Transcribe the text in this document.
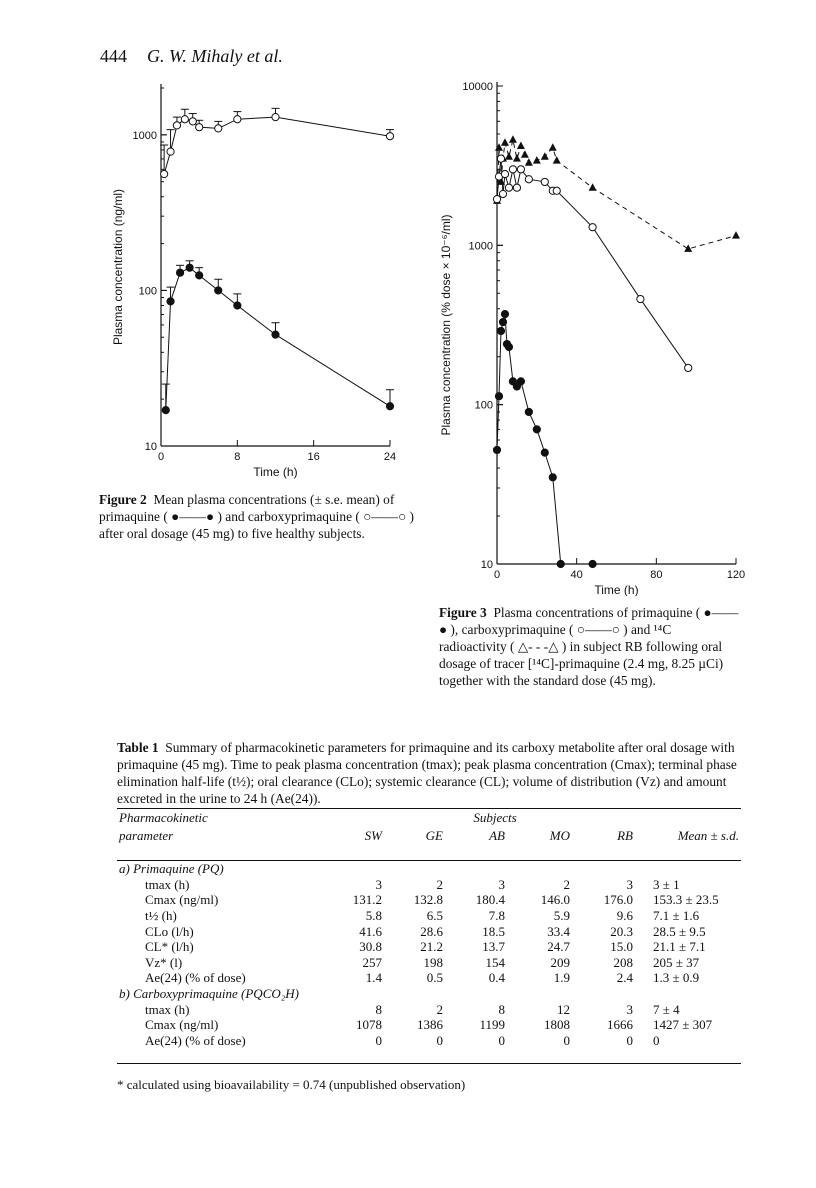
444 G. W. Mihaly et al.
10
100
1000
0	8	16	24
Time (h)
Plasma concentration (ng/ml)
Figure 2 Mean plasma concentrations (± s.e. mean) of primaquine ( ●——● ) and carboxyprimaquine ( ○——○ ) after oral dosage (45 mg) to five healthy subjects.
10
100
1000
10000
0	40	80	120
Time (h)
Plasma concentration (% dose × 10⁻⁶/ml)
Figure 3 Plasma concentrations of primaquine ( ●——● ), carboxyprimaquine ( ○——○ ) and ¹⁴C radioactivity ( △- - -△ ) in subject RB following oral dosage of tracer [¹⁴C]-primaquine (2.4 mg, 8.25 µCi) together with the standard dose (45 mg).
Table 1 Summary of pharmacokinetic parameters for primaquine and its carboxy metabolite after oral dosage with primaquine (45 mg). Time to peak plasma concentration (tmax); peak plasma concentration (Cmax); terminal phase elimination half-life (t½); oral clearance (CLo); systemic clearance (CL); volume of distribution (Vz) and amount excreted in the urine to 24 h (Ae(24)).
Pharmacokinetic	Subjects					
parameter	SW	GE	AB	MO	RB	Mean ± s.d.

a) Primaquine (PQ)						
tmax (h)	3	2	3	2	3	3 ± 1
Cmax (ng/ml)	131.2	132.8	180.4	146.0	176.0	153.3 ± 23.5
t½ (h)	5.8	6.5	7.8	5.9	9.6	7.1 ± 1.6
CLo (l/h)	41.6	28.6	18.5	33.4	20.3	28.5 ± 9.5
CL* (l/h)	30.8	21.2	13.7	24.7	15.0	21.1 ± 7.1
Vz* (l)	257	198	154	209	208	205 ± 37
Ae(24) (% of dose)	1.4	0.5	0.4	1.9	2.4	1.3 ± 0.9
b) Carboxyprimaquine (PQCO₂H)						
tmax (h)	8	2	8	12	3	7 ± 4
Cmax (ng/ml)	1078	1386	1199	1808	1666	1427 ± 307
Ae(24) (% of dose)	0	0	0	0	0	0
* calculated using bioavailability = 0.74 (unpublished observation)
